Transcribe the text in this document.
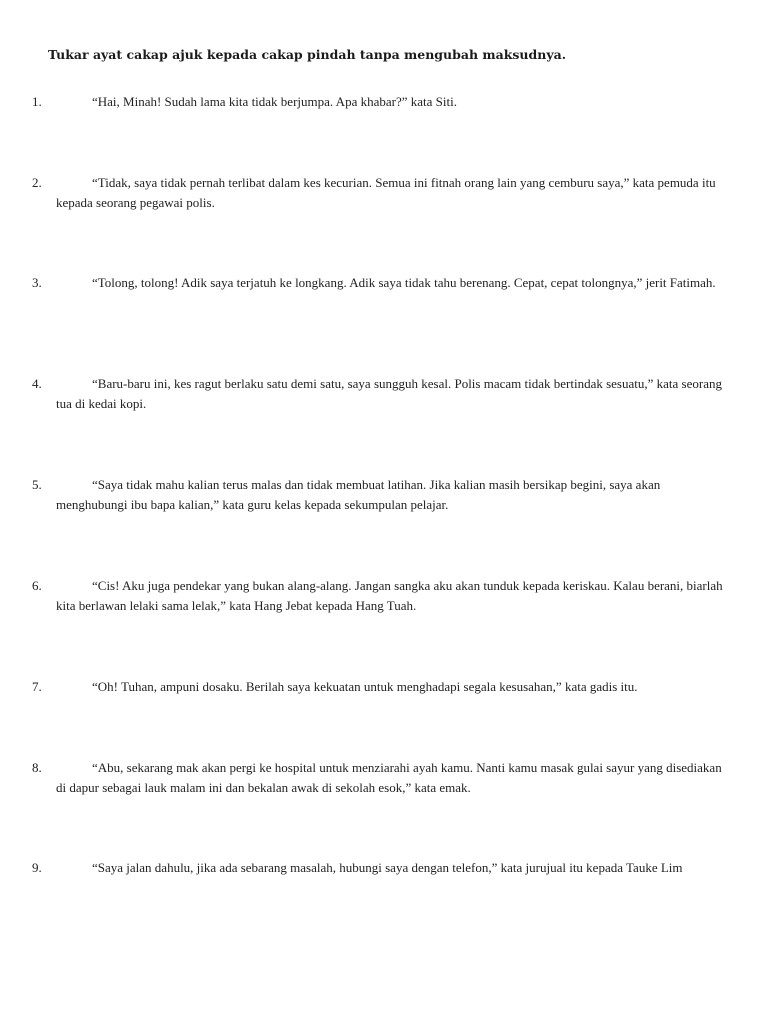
Tukar ayat cakap ajuk kepada cakap pindah tanpa mengubah maksudnya.
1.	“Hai, Minah! Sudah lama kita tidak berjumpa. Apa khabar?” kata Siti.
2.	“Tidak, saya tidak pernah terlibat dalam kes kecurian. Semua ini fitnah orang lain yang cemburu saya,” kata pemuda itu kepada seorang pegawai polis.
3.	“Tolong, tolong! Adik saya terjatuh ke longkang. Adik saya tidak tahu berenang. Cepat, cepat tolongnya,” jerit Fatimah.
4.	“Baru-baru ini, kes ragut berlaku satu demi satu, saya sungguh kesal. Polis macam tidak bertindak sesuatu,” kata seorang tua di kedai kopi.
5.	“Saya tidak mahu kalian terus malas dan tidak membuat latihan. Jika kalian masih bersikap begini, saya akan menghubungi ibu bapa kalian,” kata guru kelas kepada sekumpulan pelajar.
6.	“Cis! Aku juga pendekar yang bukan alang-alang. Jangan sangka aku akan tunduk kepada keriskau. Kalau berani, biarlah kita berlawan lelaki sama lelak,” kata Hang Jebat kepada Hang Tuah.
7.	“Oh! Tuhan, ampuni dosaku. Berilah saya kekuatan untuk menghadapi segala kesusahan,” kata gadis itu.
8.	“Abu, sekarang mak akan pergi ke hospital untuk menziarahi ayah kamu. Nanti kamu masak gulai sayur yang disediakan di dapur sebagai lauk malam ini dan bekalan awak di sekolah esok,” kata emak.
9.	“Saya jalan dahulu, jika ada sebarang masalah, hubungi saya dengan telefon,” kata jurujual itu kepada Tauke Lim
